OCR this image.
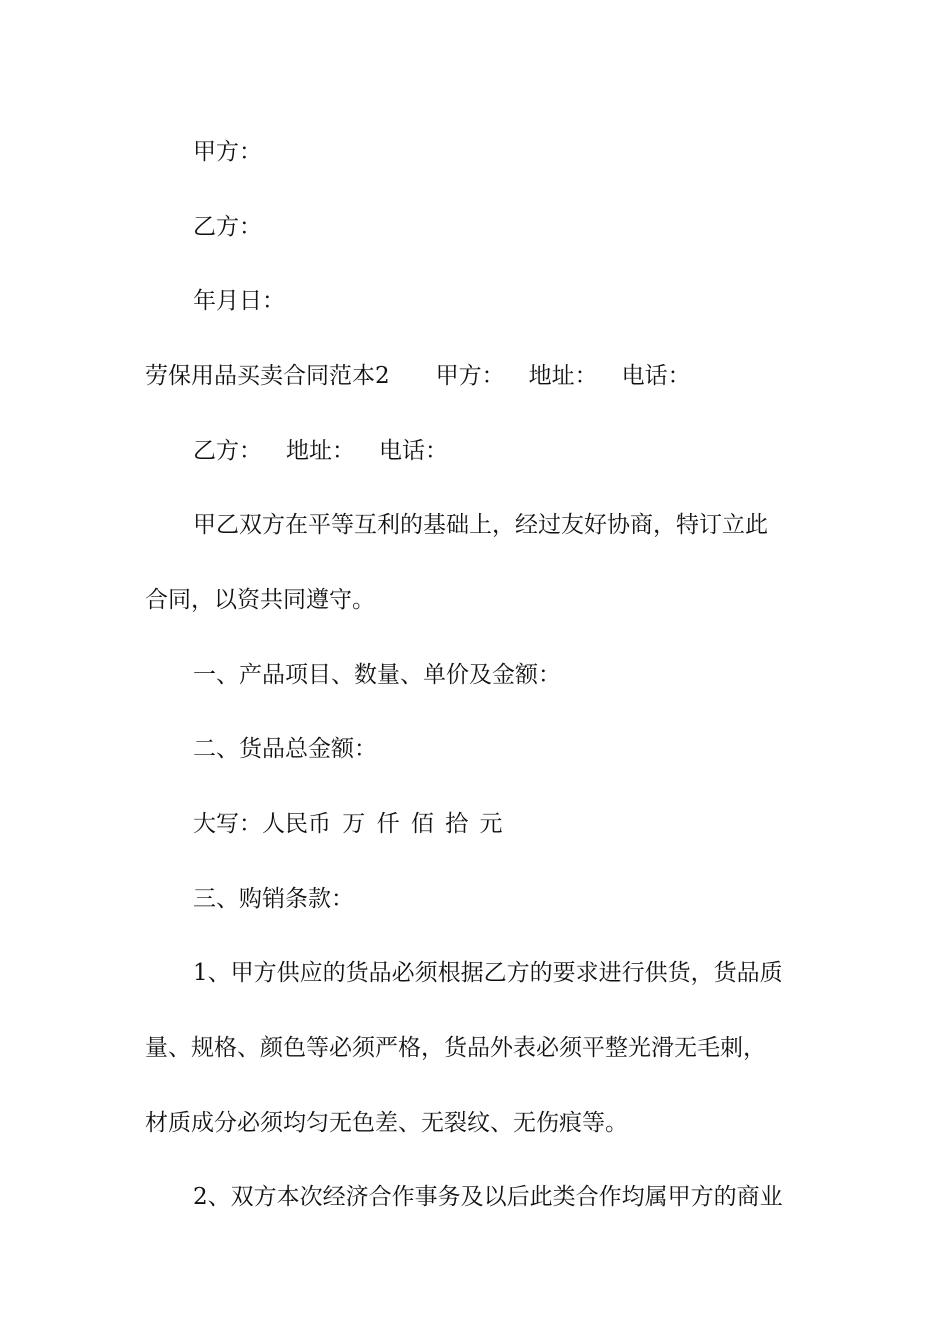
甲方：

乙方：

年月日：

劳保用品买卖合同范本2 甲方： 地址： 电话：
乙方： 地址： 电话：

甲乙双方在平等互利的基础上，经过友好协商，特订立此

合同，以资共同遵守。

一、产品项目、数量、单价及金额：

二、货品总金额：

大写：人民币 万 仟 佰 拾 元

三、购销条款：

1、甲方供应的货品必须根据乙方的要求进行供货，货品质

量、规格、颜色等必须严格，货品外表必须平整光滑无毛刺，

材质成分必须均匀无色差、无裂纹、无伤痕等。

2、双方本次经济合作事务及以后此类合作均属甲方的商业
